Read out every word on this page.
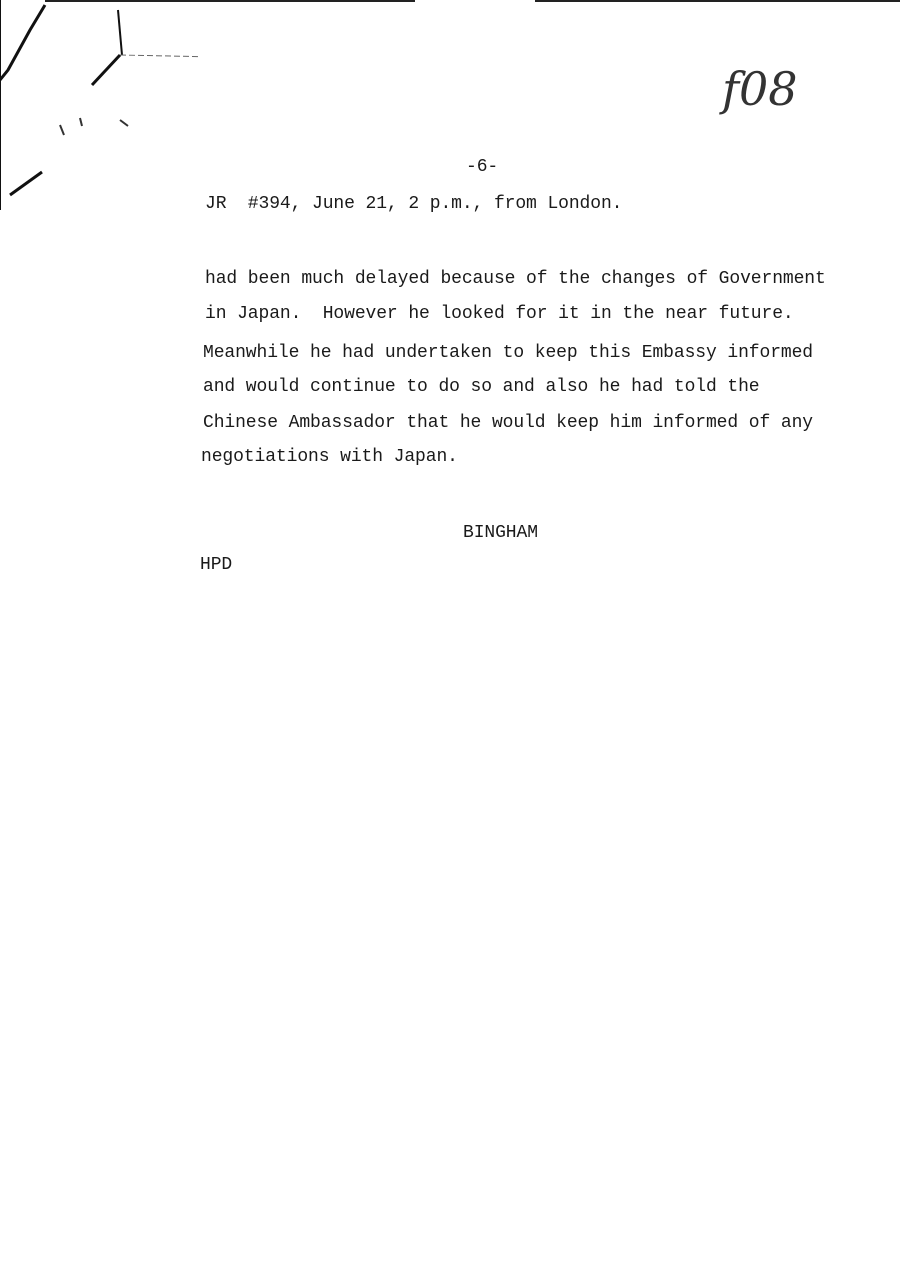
f08
-6-
JR  #394, June 21, 2 p.m., from London.
had been much delayed because of the changes of Government
in Japan.  However he looked for it in the near future.
Meanwhile he had undertaken to keep this Embassy informed
and would continue to do so and also he had told the
Chinese Ambassador that he would keep him informed of any
negotiations with Japan.
BINGHAM
HPD
